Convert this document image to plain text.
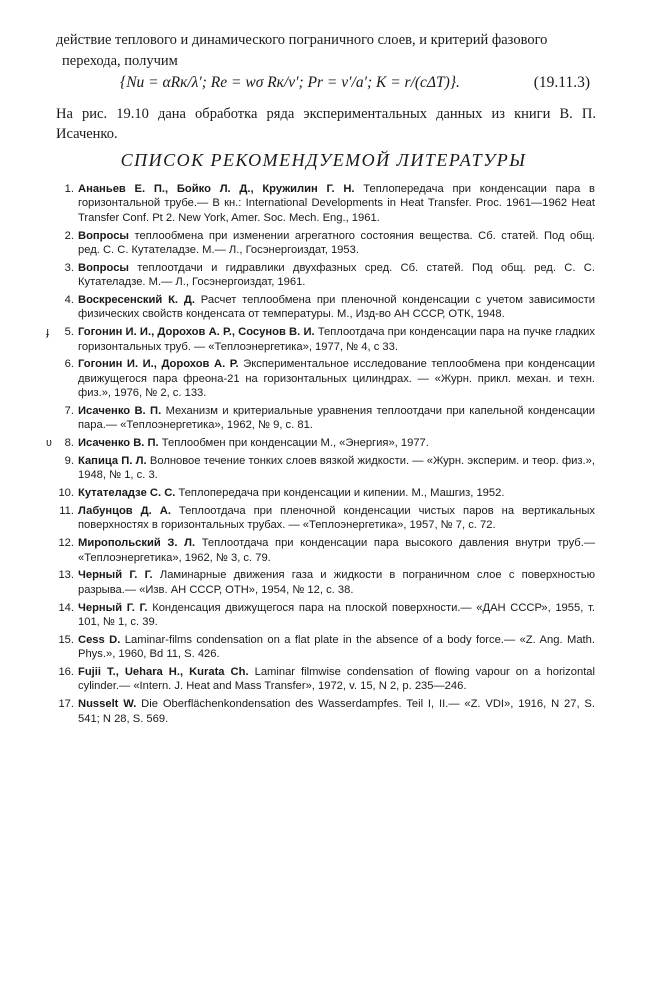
действие теплового и динамического пограничного слоев, и критерий фазового
перехода, получим

{Nu = αRк/λ′; Re = wσ Rк/ν′; Pr = ν′/a′; K = r/(cΔT)}.	(19.11.3)

На рис. 19.10 дана обработка ряда экспериментальных данных из книги В. П. Исаченко.

СПИСОК РЕКОМЕНДУЕМОЙ ЛИТЕРАТУРЫ
1. Ананьев Е. П., Бойко Л. Д., Кружилин Г. Н. Теплопередача при конденсации пара в горизонтальной трубе.— В кн.: International Developments in Heat Transfer. Proc. 1961—1962 Heat Transfer Conf. Pt 2. New York, Amer. Soc. Mech. Eng., 1961.
2. Вопросы теплообмена при изменении агрегатного состояния вещества. Сб. статей. Под общ. ред. С. С. Кутателадзе. М.— Л., Госэнергоиздат, 1953.
3. Вопросы теплоотдачи и гидравлики двухфазных сред. Сб. статей. Под общ. ред. С. С. Кутателадзе. М.— Л., Госэнергоиздат, 1961.
4. Воскресенский К. Д. Расчет теплообмена при пленочной конденсации с учетом зависимости физических свойств конденсата от температуры. М., Изд-во АН СССР, ОТК, 1948.
ɟ	5. Гогонин И. И., Дорохов А. Р., Сосунов В. И. Теплоотдача при конденсации пара на пучке гладких горизонтальных труб. — «Теплоэнергетика», 1977, № 4, с 33.
6. Гогонин И. И., Дорохов А. Р. Экспериментальное исследование теплообмена при конденсации движущегося пара фреона-21 на горизонтальных цилиндрах. — «Журн. прикл. механ. и техн. физ.», 1976, № 2, с. 133.
7. Исаченко В. П. Механизм и критериальные уравнения теплоотдачи при капельной конденсации пара.— «Теплоэнергетика», 1962, № 9, с. 81.
ʋ	8. Исаченко В. П. Теплообмен при конденсации М., «Энергия», 1977.
9. Капица П. Л. Волновое течение тонких слоев вязкой жидкости. — «Журн. эксперим. и теор. физ.», 1948, № 1, с. 3.
10. Кутателадзе С. С. Теплопередача при конденсации и кипении. М., Машгиз, 1952.
11. Лабунцов Д. А. Теплоотдача при пленочной конденсации чистых паров на вертикальных поверхностях в горизонтальных трубах. — «Теплоэнергетика», 1957, № 7, с. 72.
12. Миропольский З. Л. Теплоотдача при конденсации пара высокого давления внутри труб.— «Теплоэнергетика», 1962, № 3, с. 79.
13. Черный Г. Г. Ламинарные движения газа и жидкости в пограничном слое с поверхностью разрыва.— «Изв. АН СССР, ОТН», 1954, № 12, с. 38.
14. Черный Г. Г. Конденсация движущегося пара на плоской поверхности.— «ДАН СССР», 1955, т. 101, № 1, с. 39.
15. Cess D. Laminar-films condensation on a flat plate in the absence of a body force.— «Z. Ang. Math. Phys.», 1960, Bd 11, S. 426.
16. Fujii T., Uehara H., Kurata Ch. Laminar filmwise condensation of flowing vapour on a horizontal cylinder.— «Intern. J. Heat and Mass Transfer», 1972, v. 15, N 2, p. 235—246.
17. Nusselt W. Die Oberflächenkondensation des Wasserdampfes. Teil I, II.— «Z. VDI», 1916, N 27, S. 541; N 28, S. 569.
